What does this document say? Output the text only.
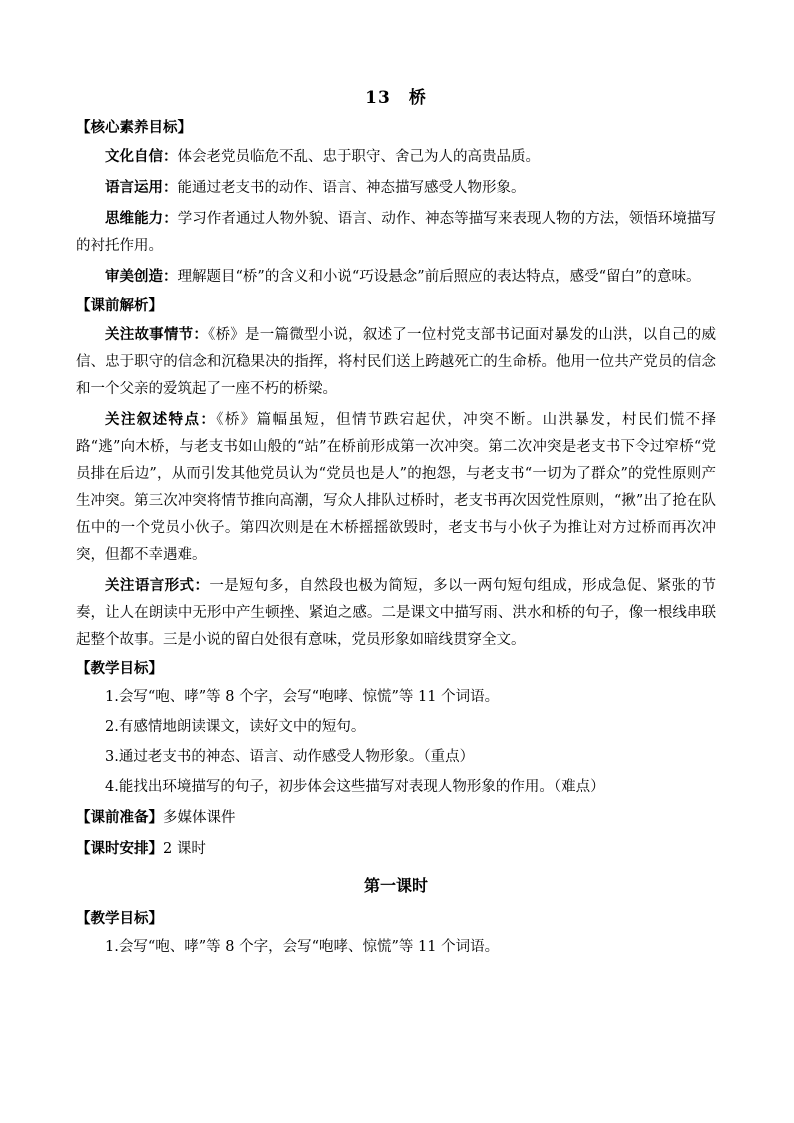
13　桥
【核心素养目标】

文化自信：体会老党员临危不乱、忠于职守、舍己为人的高贵品质。

语言运用：能通过老支书的动作、语言、神态描写感受人物形象。

思维能力：学习作者通过人物外貌、语言、动作、神态等描写来表现人物的方法，领悟环境描写的衬托作用。

审美创造：理解题目“桥”的含义和小说“巧设悬念”前后照应的表达特点，感受“留白”的意味。

【课前解析】

关注故事情节：《桥》是一篇微型小说，叙述了一位村党支部书记面对暴发的山洪，以自己的威信、忠于职守的信念和沉稳果决的指挥，将村民们送上跨越死亡的生命桥。他用一位共产党员的信念和一个父亲的爱筑起了一座不朽的桥梁。

关注叙述特点：《桥》篇幅虽短，但情节跌宕起伏，冲突不断。山洪暴发，村民们慌不择路“逃”向木桥，与老支书如山般的“站”在桥前形成第一次冲突。第二次冲突是老支书下令过窄桥“党员排在后边”，从而引发其他党员认为“党员也是人”的抱怨，与老支书“一切为了群众”的党性原则产生冲突。第三次冲突将情节推向高潮，写众人排队过桥时，老支书再次因党性原则，“揪”出了抢在队伍中的一个党员小伙子。第四次则是在木桥摇摇欲毁时，老支书与小伙子为推让对方过桥而再次冲突，但都不幸遇难。

关注语言形式：一是短句多，自然段也极为简短，多以一两句短句组成，形成急促、紧张的节奏，让人在朗读中无形中产生顿挫、紧迫之感。二是课文中描写雨、洪水和桥的句子，像一根线串联起整个故事。三是小说的留白处很有意味，党员形象如暗线贯穿全文。

【教学目标】

1.会写“咆、哮”等 8 个字，会写“咆哮、惊慌”等 11 个词语。

2.有感情地朗读课文，读好文中的短句。

3.通过老支书的神态、语言、动作感受人物形象。（重点）

4.能找出环境描写的句子，初步体会这些描写对表现人物形象的作用。（难点）

【课前准备】多媒体课件
【课时安排】2 课时
第一课时
【教学目标】

1.会写“咆、哮”等 8 个字，会写“咆哮、惊慌”等 11 个词语。
